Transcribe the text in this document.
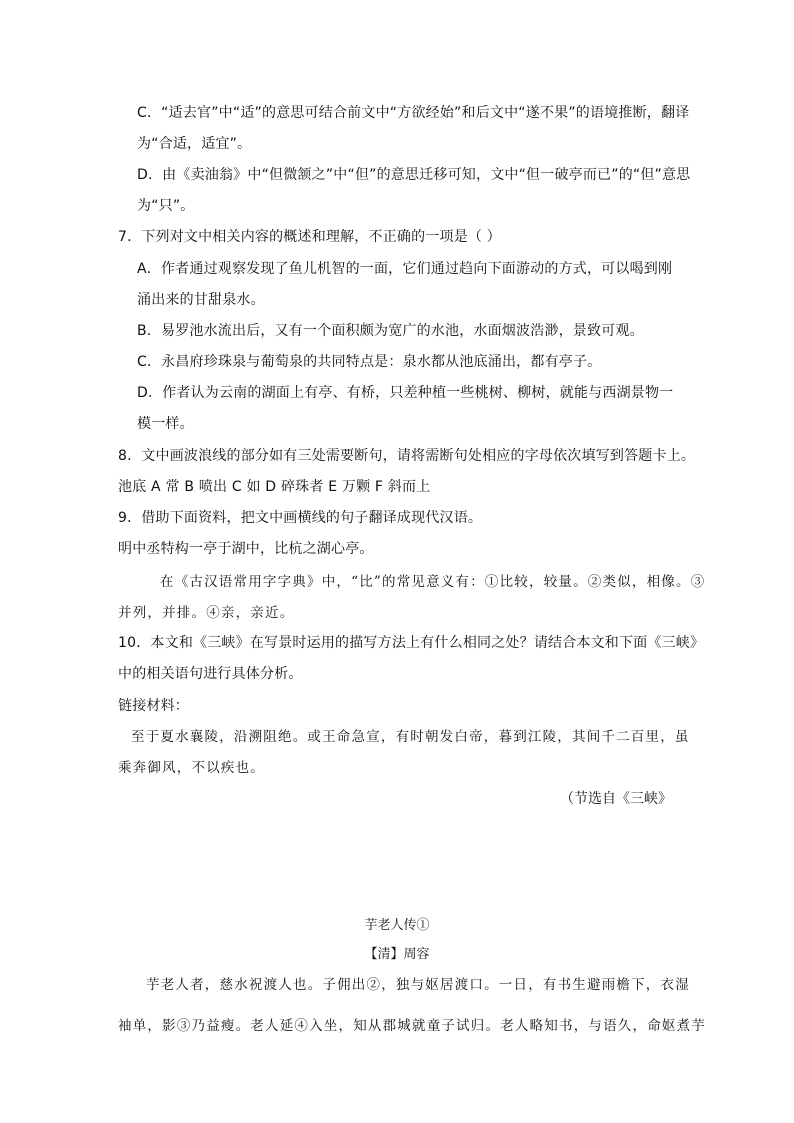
C．“适去官”中“适”的意思可结合前文中“方欲经始”和后文中“遂不果”的语境推断，翻译
为“合适，适宜”。
D．由《卖油翁》中“但微颔之”中“但”的意思迁移可知，文中“但一破亭而已”的“但”意思
为“只”。
7．下列对文中相关内容的概述和理解，不正确的一项是（ ）
A．作者通过观察发现了鱼儿机智的一面，它们通过趋向下面游动的方式，可以喝到刚
涌出来的甘甜泉水。
B．易罗池水流出后，又有一个面积颇为宽广的水池，水面烟波浩渺，景致可观。
C．永昌府珍珠泉与葡萄泉的共同特点是：泉水都从池底涌出，都有亭子。
D．作者认为云南的湖面上有亭、有桥，只差种植一些桃树、柳树，就能与西湖景物一
模一样。
8．文中画波浪线的部分如有三处需要断句，请将需断句处相应的字母依次填写到答题卡上。
池底 A 常 B 喷出 C 如 D 碎珠者 E 万颗 F 斜而上
9．借助下面资料，把文中画横线的句子翻译成现代汉语。
明中丞特构一亭于湖中，比杭之湖心亭。
在《古汉语常用字字典》中，“比”的常见意义有：①比较，较量。②类似，相像。③
并列，并排。④亲，亲近。
10．本文和《三峡》在写景时运用的描写方法上有什么相同之处？请结合本文和下面《三峡》
中的相关语句进行具体分析。
链接材料：
至于夏水襄陵，沿溯阻绝。或王命急宣，有时朝发白帝，暮到江陵，其间千二百里，虽
乘奔御风，不以疾也。
（节选自《三峡》
芋老人传①
【清】周容
芋老人者，慈水祝渡人也。子佣出②，独与妪居渡口。一日，有书生避雨檐下，衣湿
袖单，影③乃益瘦。老人延④入坐，知从郡城就童子试归。老人略知书，与语久，命妪煮芋
